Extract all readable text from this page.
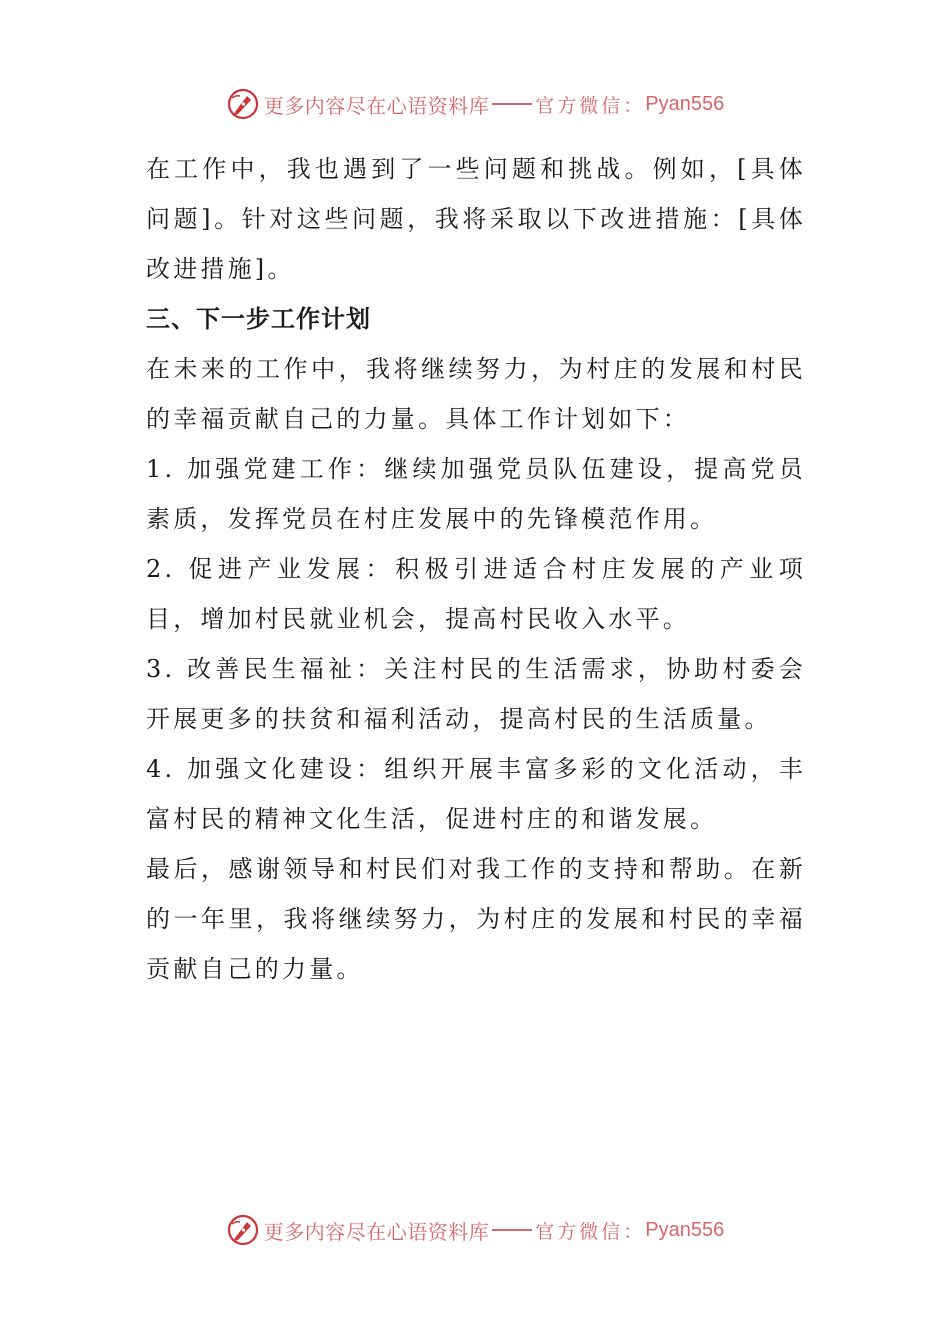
更多内容尽在心语资料库 官方微信： Pyan556

在工作中，我也遇到了一些问题和挑战。例如，[具体问题]。针对这些问题，我将采取以下改进措施：[具体改进措施]。

三、下一步工作计划

在未来的工作中，我将继续努力，为村庄的发展和村民的幸福贡献自己的力量。具体工作计划如下：

1. 加强党建工作：继续加强党员队伍建设，提高党员素质，发挥党员在村庄发展中的先锋模范作用。

2. 促进产业发展：积极引进适合村庄发展的产业项目，增加村民就业机会，提高村民收入水平。

3. 改善民生福祉：关注村民的生活需求，协助村委会开展更多的扶贫和福利活动，提高村民的生活质量。

4. 加强文化建设：组织开展丰富多彩的文化活动，丰富村民的精神文化生活，促进村庄的和谐发展。

最后，感谢领导和村民们对我工作的支持和帮助。在新的一年里，我将继续努力，为村庄的发展和村民的幸福贡献自己的力量。

更多内容尽在心语资料库 官方微信： Pyan556
